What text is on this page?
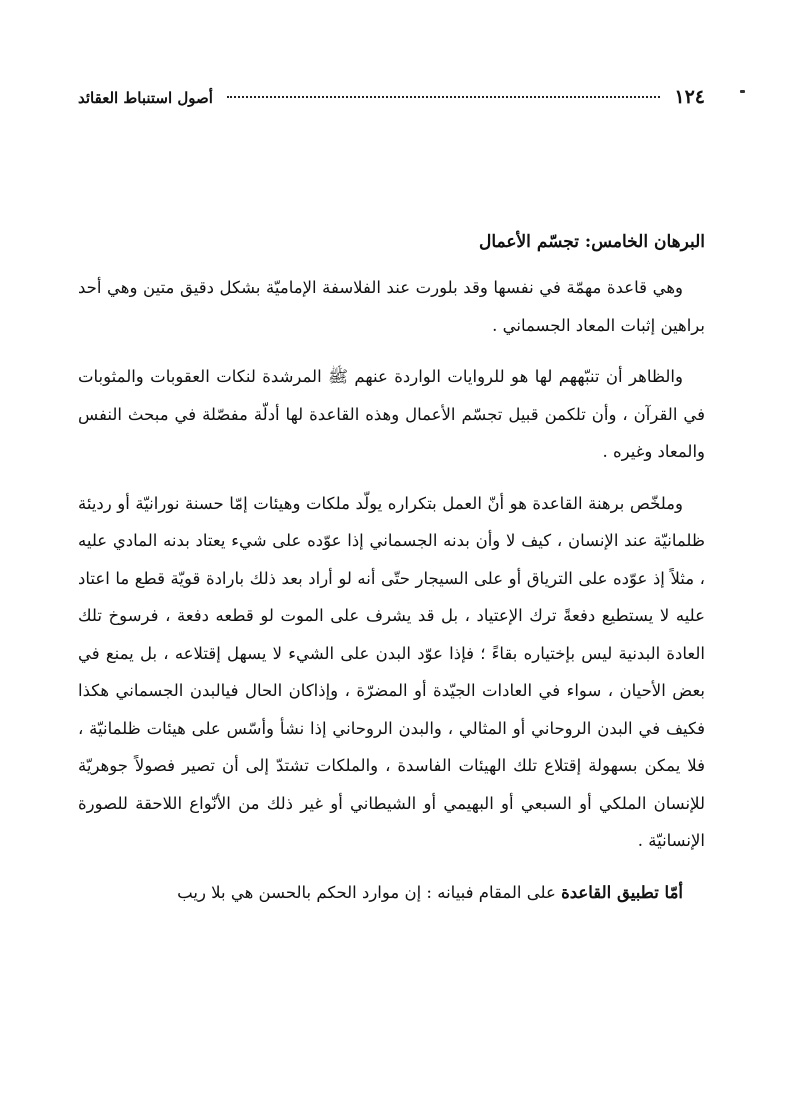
١٢٤
أصول استنباط العقائد
البرهان الخامس: تجسّم الأعمال

وهي قاعدة مهمّة في نفسها وقد بلورت عند الفلاسفة الإماميّة بشكل دقيق متين وهي أحد براهين إثبات المعاد الجسماني .

والظاهر أن تنبّههم لها هو للروايات الواردة عنهم ﷺ المرشدة لنكات العقوبات والمثوبات في القرآن ، وأن تلكمن قبيل تجسّم الأعمال وهذه القاعدة لها أدلّة مفصّلة في مبحث النفس والمعاد وغيره .

وملخّص برهنة القاعدة هو أنّ العمل بتكراره يولّد ملكات وهيئات إمّا حسنة نورانيّة أو رديئة ظلمانيّة عند الإنسان ، كيف لا وأن بدنه الجسماني إذا عوّده على شيء يعتاد بدنه المادي عليه ، مثلاً إذ عوّده على الترياق أو على السيجار حتّى أنه لو أراد بعد ذلك بارادة قويّة قطع ما اعتاد عليه لا يستطيع دفعةً ترك الإعتياد ، بل قد يشرف على الموت لو قطعه دفعة ، فرسوخ تلك العادة البدنية ليس بإختياره بقاءً ؛ فإذا عوّد البدن على الشيء لا يسهل إقتلاعه ، بل يمنع في بعض الأحيان ، سواء في العادات الجيّدة أو المضرّة ، وإذاكان الحال فيالبدن الجسماني هكذا فكيف في البدن الروحاني أو المثالي ، والبدن الروحاني إذا نشأ وأسّس على هيئات ظلمانيّة ، فلا يمكن بسهولة إقتلاع تلك الهيئات الفاسدة ، والملكات تشتدّ إلى أن تصير فصولاً جوهريّة للإنسان الملكي أو السبعي أو البهيمي أو الشيطاني أو غير ذلك من الأنّواع اللاحقة للصورة الإنسانيّة .

أمّا تطبيق القاعدة على المقام فبيانه : إن موارد الحكم بالحسن هي بلا ريب
